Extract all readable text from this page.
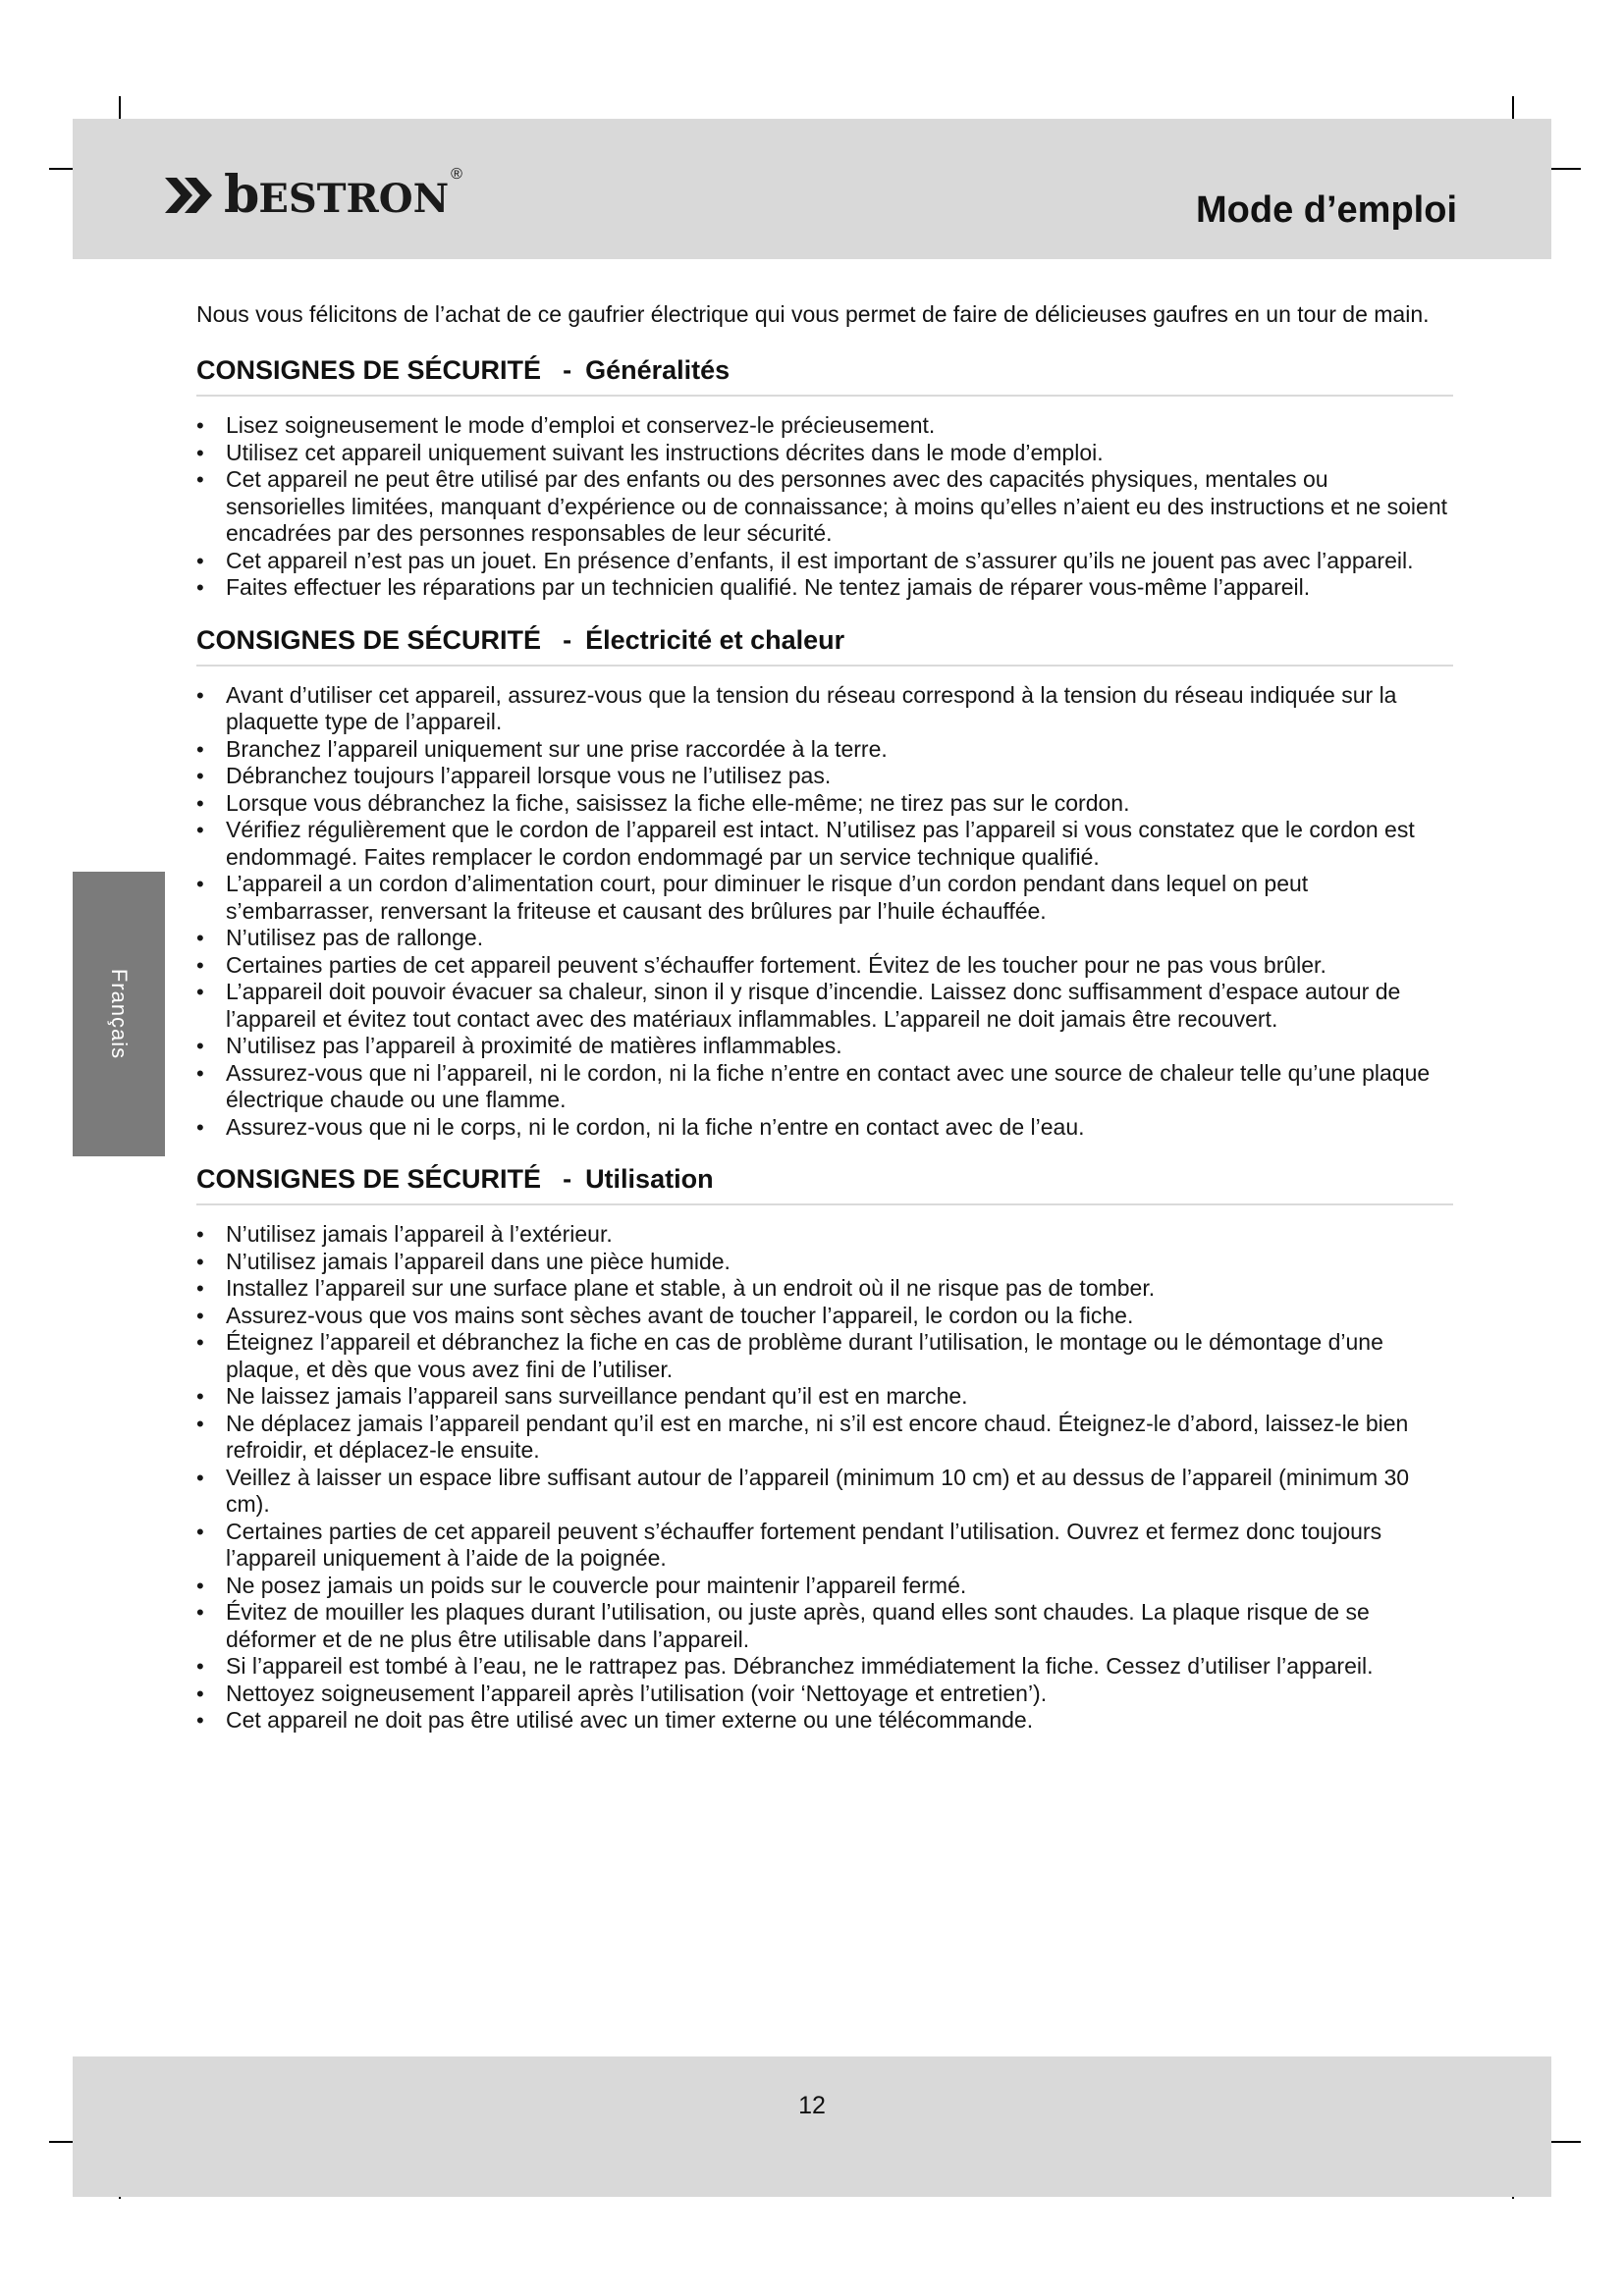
bESTRON
®
Mode d’emploi
Français

Nous vous félicitons de l’achat de ce gaufrier électrique qui vous permet de faire de délicieuses gaufres en un tour de main.

CONSIGNES DE SÉCURITÉ - Généralités
• Lisez soigneusement le mode d’emploi et conservez-le précieusement.
• Utilisez cet appareil uniquement suivant les instructions décrites dans le mode d’emploi.
• Cet appareil ne peut être utilisé par des enfants ou des personnes avec des capacités physiques, mentales ou sensorielles limitées, manquant d’expérience ou de connaissance; à moins qu’elles n’aient eu des instructions et ne soient encadrées par des personnes responsables de leur sécurité.
• Cet appareil n’est pas un jouet. En présence d’enfants, il est important de s’assurer qu’ils ne jouent pas avec l’appareil.
• Faites effectuer les réparations par un technicien qualifié. Ne tentez jamais de réparer vous-même l’appareil.
CONSIGNES DE SÉCURITÉ - Électricité et chaleur
• Avant d’utiliser cet appareil, assurez-vous que la tension du réseau correspond à la tension du réseau indiquée sur la plaquette type de l’appareil.
• Branchez l’appareil uniquement sur une prise raccordée à la terre.
• Débranchez toujours l’appareil lorsque vous ne l’utilisez pas.
• Lorsque vous débranchez la fiche, saisissez la fiche elle-même; ne tirez pas sur le cordon.
• Vérifiez régulièrement que le cordon de l’appareil est intact. N’utilisez pas l’appareil si vous constatez que le cordon est endommagé. Faites remplacer le cordon endommagé par un service technique qualifié.
• L’appareil a un cordon d’alimentation court, pour diminuer le risque d’un cordon pendant dans lequel on peut s’embarrasser, renversant la friteuse et causant des brûlures par l’huile échauffée.
• N’utilisez pas de rallonge.
• Certaines parties de cet appareil peuvent s’échauffer fortement. Évitez de les toucher pour ne pas vous brûler.
• L’appareil doit pouvoir évacuer sa chaleur, sinon il y risque d’incendie. Laissez donc suffisamment d’espace autour de l’appareil et évitez tout contact avec des matériaux inflammables. L’appareil ne doit jamais être recouvert.
• N’utilisez pas l’appareil à proximité de matières inflammables.
• Assurez-vous que ni l’appareil, ni le cordon, ni la fiche n’entre en contact avec une source de chaleur telle qu’une plaque électrique chaude ou une flamme.
• Assurez-vous que ni le corps, ni le cordon, ni la fiche n’entre en contact avec de l’eau.
CONSIGNES DE SÉCURITÉ - Utilisation
• N’utilisez jamais l’appareil à l’extérieur.
• N’utilisez jamais l’appareil dans une pièce humide.
• Installez l’appareil sur une surface plane et stable, à un endroit où il ne risque pas de tomber.
• Assurez-vous que vos mains sont sèches avant de toucher l’appareil, le cordon ou la fiche.
• Éteignez l’appareil et débranchez la fiche en cas de problème durant l’utilisation, le montage ou le démontage d’une plaque, et dès que vous avez fini de l’utiliser.
• Ne laissez jamais l’appareil sans surveillance pendant qu’il est en marche.
• Ne déplacez jamais l’appareil pendant qu’il est en marche, ni s’il est encore chaud. Éteignez-le d’abord, laissez-le bien refroidir, et déplacez-le ensuite.
• Veillez à laisser un espace libre suffisant autour de l’appareil (minimum 10 cm) et au dessus de l’appareil (minimum 30 cm).
• Certaines parties de cet appareil peuvent s’échauffer fortement pendant l’utilisation. Ouvrez et fermez donc toujours l’appareil uniquement à l’aide de la poignée.
• Ne posez jamais un poids sur le couvercle pour maintenir l’appareil fermé.
• Évitez de mouiller les plaques durant l’utilisation, ou juste après, quand elles sont chaudes. La plaque risque de se déformer et de ne plus être utilisable dans l’appareil.
• Si l’appareil est tombé à l’eau, ne le rattrapez pas. Débranchez immédiatement la fiche. Cessez d’utiliser l’appareil.
• Nettoyez soigneusement l’appareil après l’utilisation (voir ‘Nettoyage et entretien’).
• Cet appareil ne doit pas être utilisé avec un timer externe ou une télécommande.
12
